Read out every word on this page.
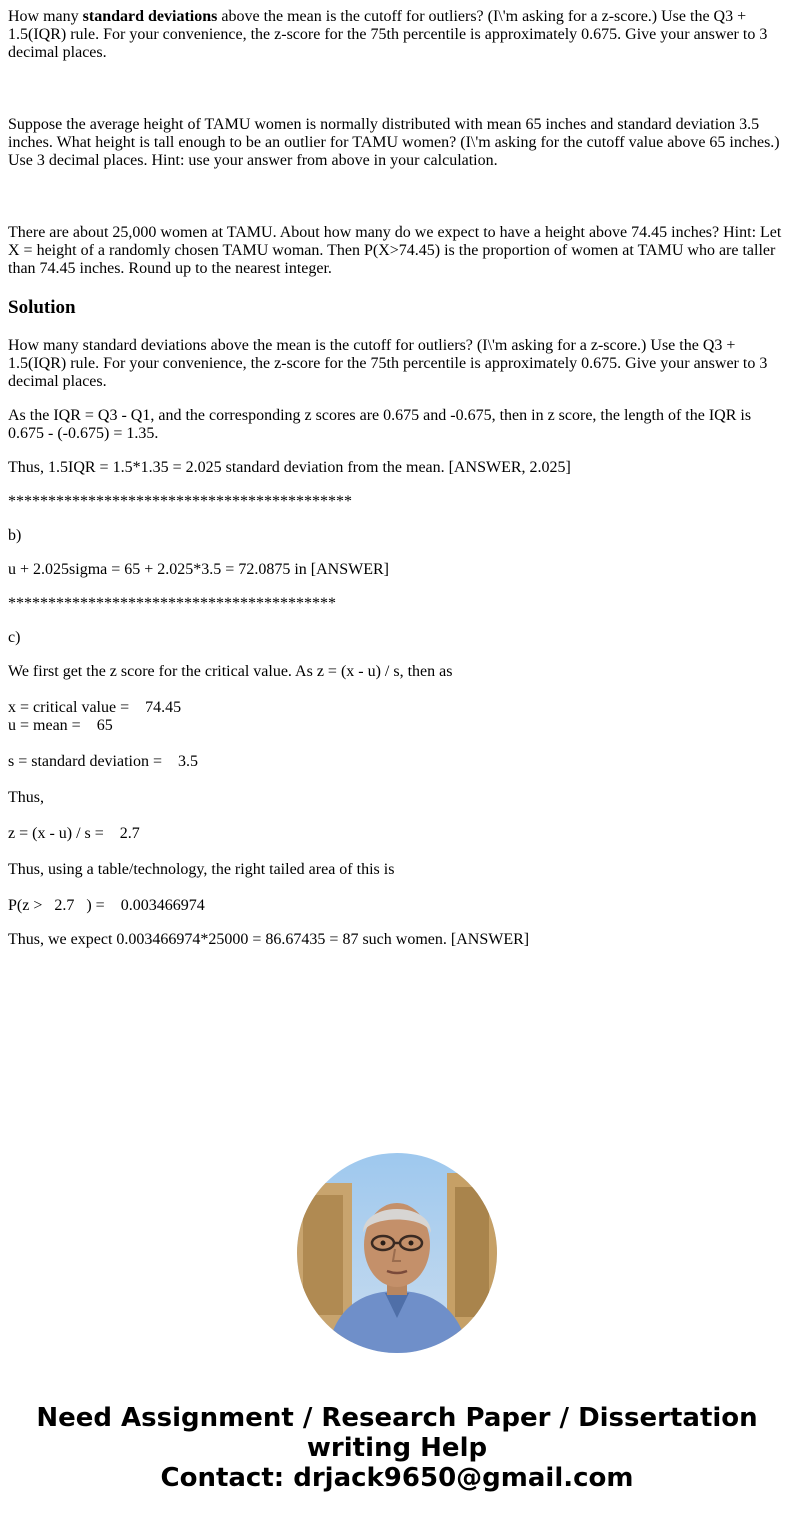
How many standard deviations above the mean is the cutoff for outliers? (I\'m asking for a z-score.) Use the Q3 + 1.5(IQR) rule. For your convenience, the z-score for the 75th percentile is approximately 0.675. Give your answer to 3 decimal places.

Suppose the average height of TAMU women is normally distributed with mean 65 inches and standard deviation 3.5 inches. What height is tall enough to be an outlier for TAMU women? (I\'m asking for the cutoff value above 65 inches.) Use 3 decimal places. Hint: use your answer from above in your calculation.

There are about 25,000 women at TAMU. About how many do we expect to have a height above 74.45 inches? Hint: Let X = height of a randomly chosen TAMU woman. Then P(X>74.45) is the proportion of women at TAMU who are taller than 74.45 inches. Round up to the nearest integer.

Solution

How many standard deviations above the mean is the cutoff for outliers? (I\'m asking for a z-score.) Use the Q3 + 1.5(IQR) rule. For your convenience, the z-score for the 75th percentile is approximately 0.675. Give your answer to 3 decimal places.

As the IQR = Q3 - Q1, and the corresponding z scores are 0.675 and -0.675, then in z score, the length of the IQR is 0.675 - (-0.675) = 1.35.

Thus, 1.5IQR = 1.5*1.35 = 2.025 standard deviation from the mean. [ANSWER, 2.025]

*******************************************

b)

u + 2.025sigma = 65 + 2.025*3.5 = 72.0875 in [ANSWER]

*****************************************

c)

We first get the z score for the critical value. As z = (x - u) / s, then as

x = critical value =    74.45

u = mean =    65

s = standard deviation =    3.5

Thus,

z = (x - u) / s =    2.7

Thus, using a table/technology, the right tailed area of this is

P(z >   2.7   ) =    0.003466974

Thus, we expect 0.003466974*25000 = 86.67435 = 87 such women. [ANSWER]

Need Assignment / Research Paper / Dissertation
writing Help
Contact: drjack9650@gmail.com
